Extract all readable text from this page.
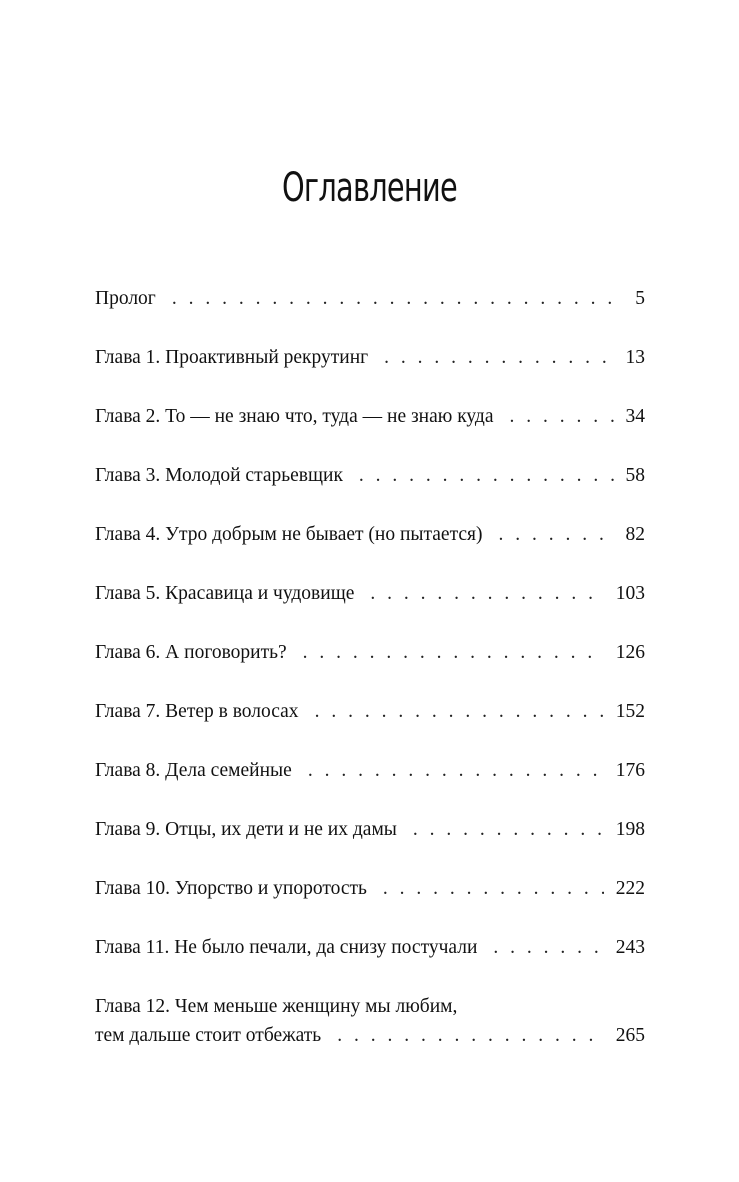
Оглавление
Пролог . . .	5
Глава 1. Проактивный рекрутинг . . .	13
Глава 2. То — не знаю что, туда — не знаю куда . . .	34
Глава 3. Молодой старьевщик . . .	58
Глава 4. Утро добрым не бывает (но пытается) . . .	82
Глава 5. Красавица и чудовище . . .	103
Глава 6. А поговорить? . . .	126
Глава 7. Ветер в волосах . . .	152
Глава 8. Дела семейные . . .	176
Глава 9. Отцы, их дети и не их дамы . . .	198
Глава 10. Упорство и упоротость . . .	222
Глава 11. Не было печали, да снизу постучали . . .	243
Глава 12. Чем меньше женщину мы любим,
тем дальше стоит отбежать . . .	265
